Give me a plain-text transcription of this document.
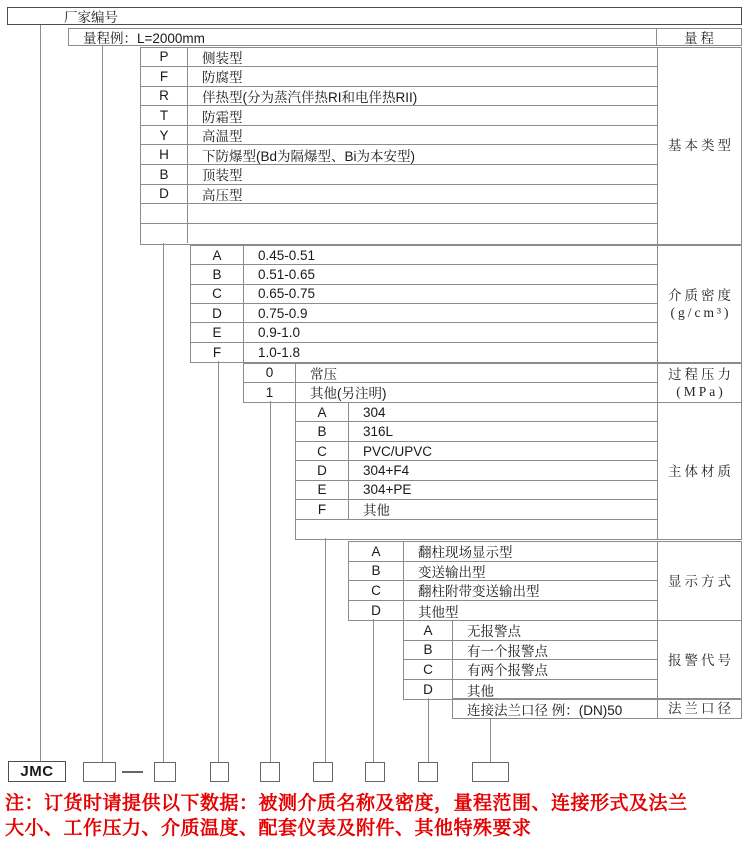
厂家编号
量程例：L=2000mm	量程
P	侧装型
F	防腐型
R	伴热型(分为蒸汽伴热RI和电伴热RII)
T	防霜型
Y	高温型
H	下防爆型(Bd为隔爆型、Bi为本安型)
B	顶装型
D	高压型
基本类型
A	0.45-0.51
B	0.51-0.65
C	0.65-0.75
D	0.75-0.9
E	0.9-1.0
F	1.0-1.8
介质密度
(g/cm³)
0	常压
1	其他(另注明)
过程压力
(MPa)
A	304
B	316L
C	PVC/UPVC
D	304+F4
E	304+PE
F	其他
主体材质
A	翻柱现场显示型
B	变送输出型
C	翻柱附带变送输出型
D	其他型
显示方式
A	无报警点
B	有一个报警点
C	有两个报警点
D	其他
报警代号
连接法兰口径 例：(DN)50	法兰口径
JMC
注：订货时请提供以下数据：被测介质名称及密度，量程范围、连接形式及法兰
大小、工作压力、介质温度、配套仪表及附件、其他特殊要求
